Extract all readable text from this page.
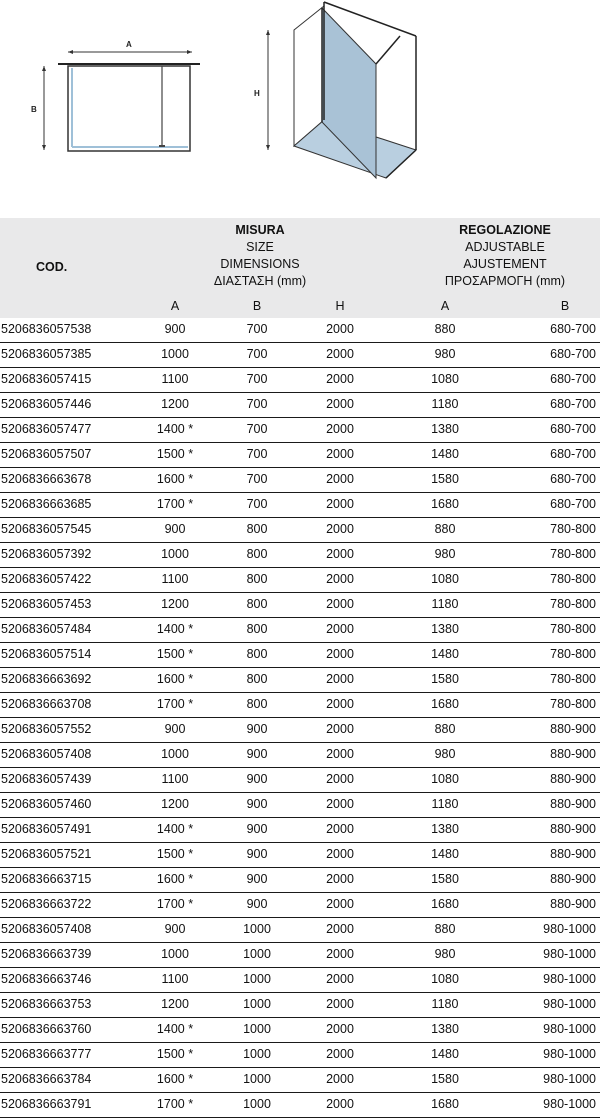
A
B
H
COD.
MISURA
SIZE
DIMENSIONS
ΔΙΑΣΤΑΣΗ (mm)
REGOLAZIONE
ADJUSTABLE
AJUSTEMENT
ΠΡΟΣΑΡΜΟΓΗ (mm)
A	B	H	A	B
5206836057538	900	700	2000	880	680-700
5206836057385	1000	700	2000	980	680-700
5206836057415	1100	700	2000	1080	680-700
5206836057446	1200	700	2000	1180	680-700
5206836057477	1400 *	700	2000	1380	680-700
5206836057507	1500 *	700	2000	1480	680-700
5206836663678	1600 *	700	2000	1580	680-700
5206836663685	1700 *	700	2000	1680	680-700
5206836057545	900	800	2000	880	780-800
5206836057392	1000	800	2000	980	780-800
5206836057422	1100	800	2000	1080	780-800
5206836057453	1200	800	2000	1180	780-800
5206836057484	1400 *	800	2000	1380	780-800
5206836057514	1500 *	800	2000	1480	780-800
5206836663692	1600 *	800	2000	1580	780-800
5206836663708	1700 *	800	2000	1680	780-800
5206836057552	900	900	2000	880	880-900
5206836057408	1000	900	2000	980	880-900
5206836057439	1100	900	2000	1080	880-900
5206836057460	1200	900	2000	1180	880-900
5206836057491	1400 *	900	2000	1380	880-900
5206836057521	1500 *	900	2000	1480	880-900
5206836663715	1600 *	900	2000	1580	880-900
5206836663722	1700 *	900	2000	1680	880-900
5206836057408	900	1000	2000	880	980-1000
5206836663739	1000	1000	2000	980	980-1000
5206836663746	1100	1000	2000	1080	980-1000
5206836663753	1200	1000	2000	1180	980-1000
5206836663760	1400 *	1000	2000	1380	980-1000
5206836663777	1500 *	1000	2000	1480	980-1000
5206836663784	1600 *	1000	2000	1580	980-1000
5206836663791	1700 *	1000	2000	1680	980-1000
